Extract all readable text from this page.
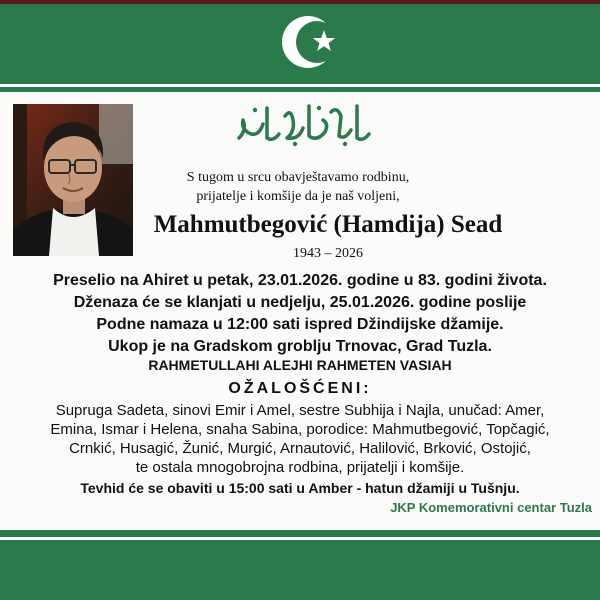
S tugom u srcu obavještavamo rodbinu,
prijatelje i komšije da je naš voljeni,
Mahmutbegović (Hamdija) Sead
1943 – 2026
Preselio na Ahiret u petak, 23.01.2026. godine u 83. godini života.
Dženaza će se klanjati u nedjelju, 25.01.2026. godine poslije
Podne namaza u 12:00 sati ispred Džindijske džamije.
Ukop je na Gradskom groblju Trnovac, Grad Tuzla.
RAHMETULLAHI ALEJHI RAHMETEN VASIAH
OŽALOŠĆENI:
Supruga Sadeta, sinovi Emir i Amel, sestre Subhija i Najla, unučad: Amer,
Emina, Ismar i Helena, snaha Sabina, porodice: Mahmutbegović, Topčagić,
Crnkić, Husagić, Žunić, Murgić, Arnautović, Halilović, Brković, Ostojić,
te ostala mnogobrojna rodbina, prijatelji i komšije.
Tevhid će se obaviti u 15:00 sati u Amber - hatun džamiji u Tušnju.
JKP Komemorativni centar Tuzla
